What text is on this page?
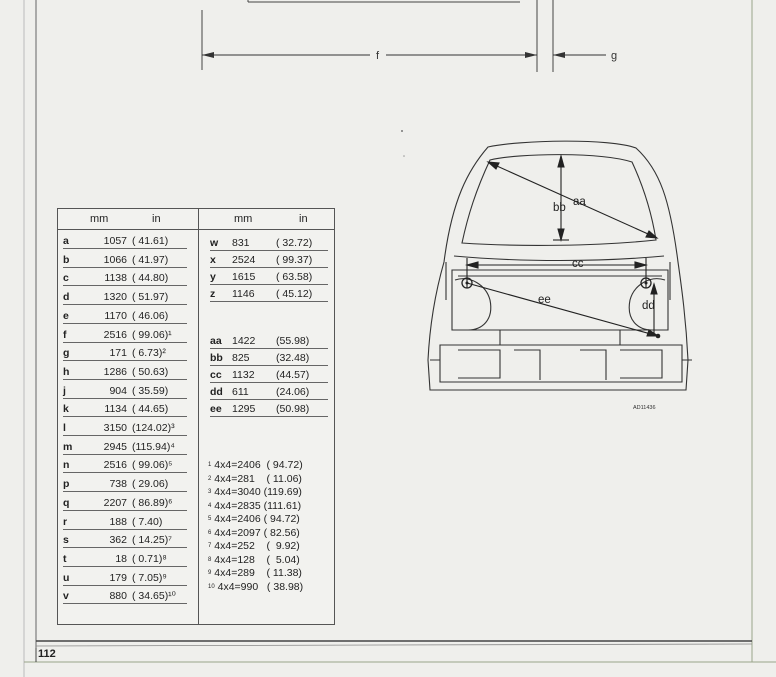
f	g
bb aa
cc
ee	dd
AD11436
mm	in	mm	in
a	1057 ( 41.61)
b	1066 ( 41.97)
c	1138 ( 44.80)
d	1320 ( 51.97)
e	1170 ( 46.06)
f	2516 ( 99.06)¹
g	171 ( 6.73)²
h	1286 ( 50.63)
j	904 ( 35.59)
k	1134 ( 44.65)
l	3150 (124.02)³
m	2945 (115.94)⁴
n	2516 ( 99.06)⁵
p	738 ( 29.06)
q	2207 ( 86.89)⁶
r	188 ( 7.40)
s	362 ( 14.25)⁷
t	18 ( 0.71)⁸
u	179 ( 7.05)⁹
v	880 ( 34.65)¹⁰
w 831	( 32.72)
x 2524	( 99.37)
y 1615	( 63.58)
z 1146	( 45.12)
aa 1422	(55.98)
bb 825	(32.48)
cc 1132	(44.57)
dd 611	(24.06)
ee 1295	(50.98)
$^1$ 4x4=2406  ( 94.72)
$^2$ 4x4=281    ( 11.06)
$^3$ 4x4=3040 (119.69)
$^4$ 4x4=2835 (111.61)
$^5$ 4x4=2406 ( 94.72)
$^6$ 4x4=2097 ( 82.56)
$^7$ 4x4=252    (  9.92)
$^8$ 4x4=128    (  5.04)
$^9$ 4x4=289    ( 11.38)
$^{10}$ 4x4=990   ( 38.98)
112
